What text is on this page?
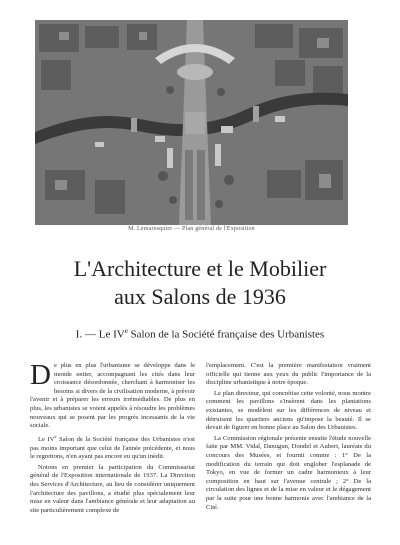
M. Lemaresquier — Plan général de l'Exposition
L'Architecture et le Mobilier
aux Salons de 1936
I. — Le IVe Salon de la Société française des Urbanistes

De plus en plus l'urbanisme se développe dans le monde entier, accompagnant les cités dans leur croissance désordonnée, cherchant à harmoniser les besoins si divers de la civilisation moderne, à prévoir l'avenir et à préparer les erreurs irrémédiables. De plus en plus, les urbanistes se voient appelés à résoudre les problèmes nouveaux qui se posent par les progrès incessants de la vie sociale.

Le IVe Salon de la Société française des Urbanistes n'est pas moins important que celui de l'année précédente, et nous le regrettons, n'en ayant pas encore eu qu'un inédit.

Notons en premier la participation du Commissariat général de l'Exposition internationale de 1937. La Direction des Services d'Architecture, au lieu de considérer uniquement l'architecture des pavillons, a étudié plus spécialement leur mise en valeur dans l'ambiance générale et leur adaptation au site particulièrement complexe de

l'emplacement. C'est la première manifestation vraiment officielle qui tienne aux yeux du public l'importance de la discipline urbanistique à notre époque.

Le plan directeur, qui concrétise cette volonté, nous montre comment les pavillons s'insèrent dans les plantations existantes, se modèlent sur les différences de niveau et détruisent les quartiers anciens qu'impose la beauté. Il se devait de figurer en bonne place au Salon des Urbanistes.

La Commission régionale présente ensuite l'étude nouvelle faite par MM. Vidal, Danugun, Dondel et Aubert, lauréats du concours des Musées, et fournit comme : 1° De la modification du terrain qui doit englober l'esplanade de Tokyo, en vue de former un cadre harmonieux à leur composition en haut sur l'avenue centrale ; 2° De la circulation des lignes et de la mise en valeur et le dégagement par la suite pour une bonne harmonie avec l'ambiance de la Cité.
